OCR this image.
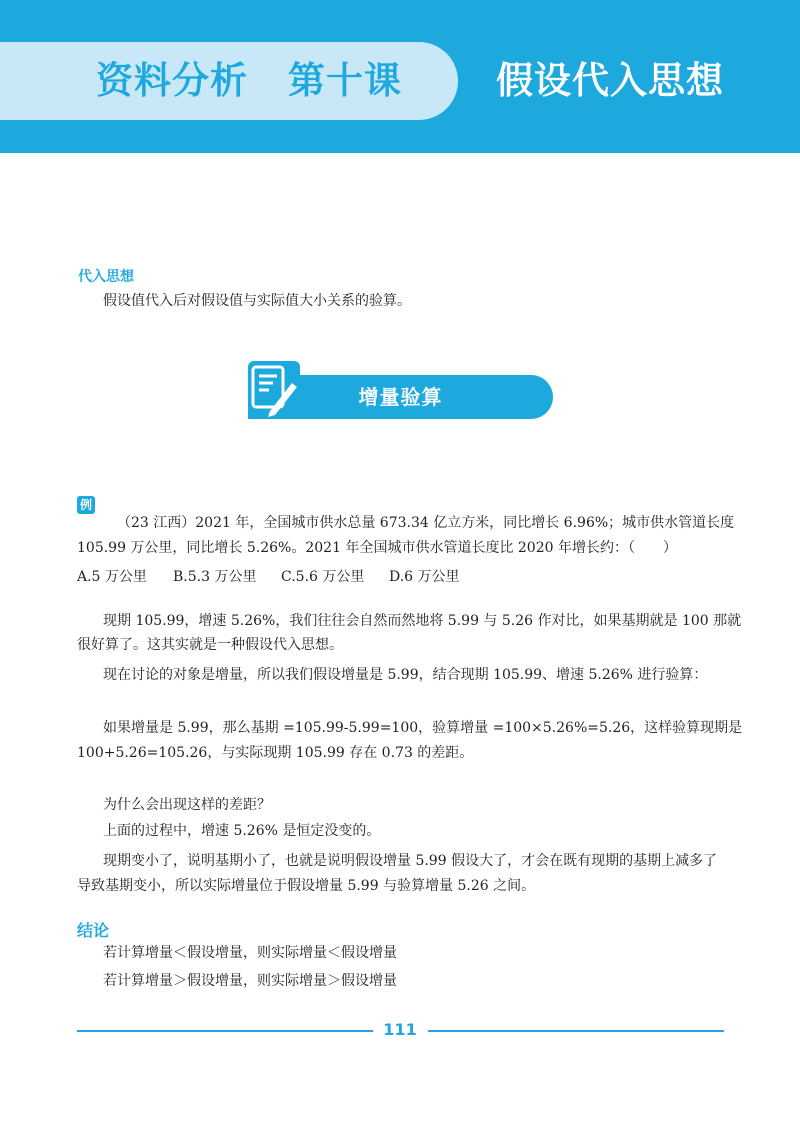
资料分析 第十课	假设代入思想
代入思想
假设值代入后对假设值与实际值大小关系的验算。
增量验算
例
（23 江西）2021 年，全国城市供水总量 673.34 亿立方米，同比增长 6.96%；城市供水管道长度
105.99 万公里，同比增长 5.26%。2021 年全国城市供水管道长度比 2020 年增长约：（　　）
A.5 万公里 B.5.3 万公里 C.5.6 万公里 D.6 万公里
现期 105.99，增速 5.26%，我们往往会自然而然地将 5.99 与 5.26 作对比，如果基期就是 100 那就
很好算了。这其实就是一种假设代入思想。
现在讨论的对象是增量，所以我们假设增量是 5.99，结合现期 105.99、增速 5.26% 进行验算：
如果增量是 5.99，那么基期 =105.99-5.99=100，验算增量 =100×5.26%=5.26，这样验算现期是
100+5.26=105.26，与实际现期 105.99 存在 0.73 的差距。
为什么会出现这样的差距？
上面的过程中，增速 5.26% 是恒定没变的。
现期变小了，说明基期小了，也就是说明假设增量 5.99 假设大了，才会在既有现期的基期上减多了
导致基期变小，所以实际增量位于假设增量 5.99 与验算增量 5.26 之间。
结论
若计算增量＜假设增量，则实际增量＜假设增量
若计算增量＞假设增量，则实际增量＞假设增量
111
